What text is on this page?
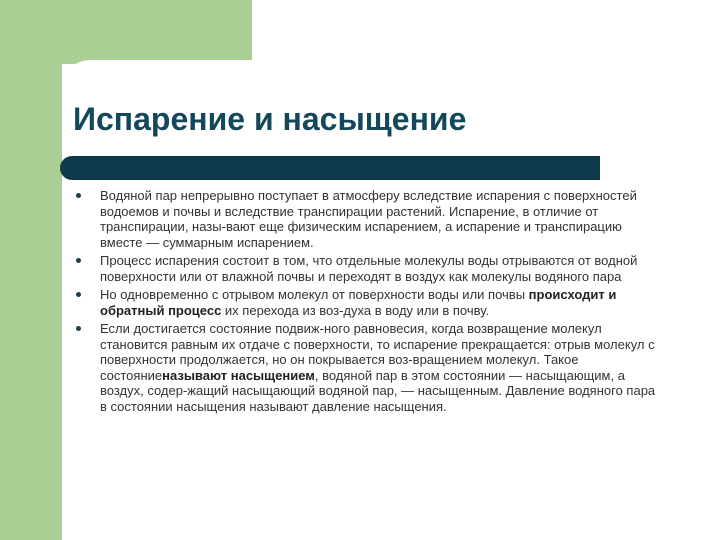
Испарение и насыщение
Водяной пар непрерывно поступает в атмосферу вследствие испарения с поверхностей водоемов и почвы и вследствие транспирации растений. Испарение, в отличие от транспирации, назы-вают еще физическим испарением, а испарение и транспирацию вместе — суммарным испарением.
Процесс испарения состоит в том, что отдельные молекулы воды отрываются от водной поверхности или от влажной почвы и переходят в воздух как молекулы водяного пара
Но одновременно с отрывом молекул от поверхности воды или почвы происходит и обратный процесс их перехода из воз-духа в воду или в почву.
Если достигается состояние подвиж-ного равновесия, когда возвращение молекул становится равным их отдаче с поверхности, то испарение прекращается: отрыв молекул с поверхности продолжается, но он покрывается воз-вращением молекул. Такое состояниеназывают насыщением, водяной пар в этом состоянии — насыщающим, а воздух, содер-жащий насыщающий водяной пар, — насыщенным. Давление водяного пара в состоянии насыщения называют давление насыщения.
